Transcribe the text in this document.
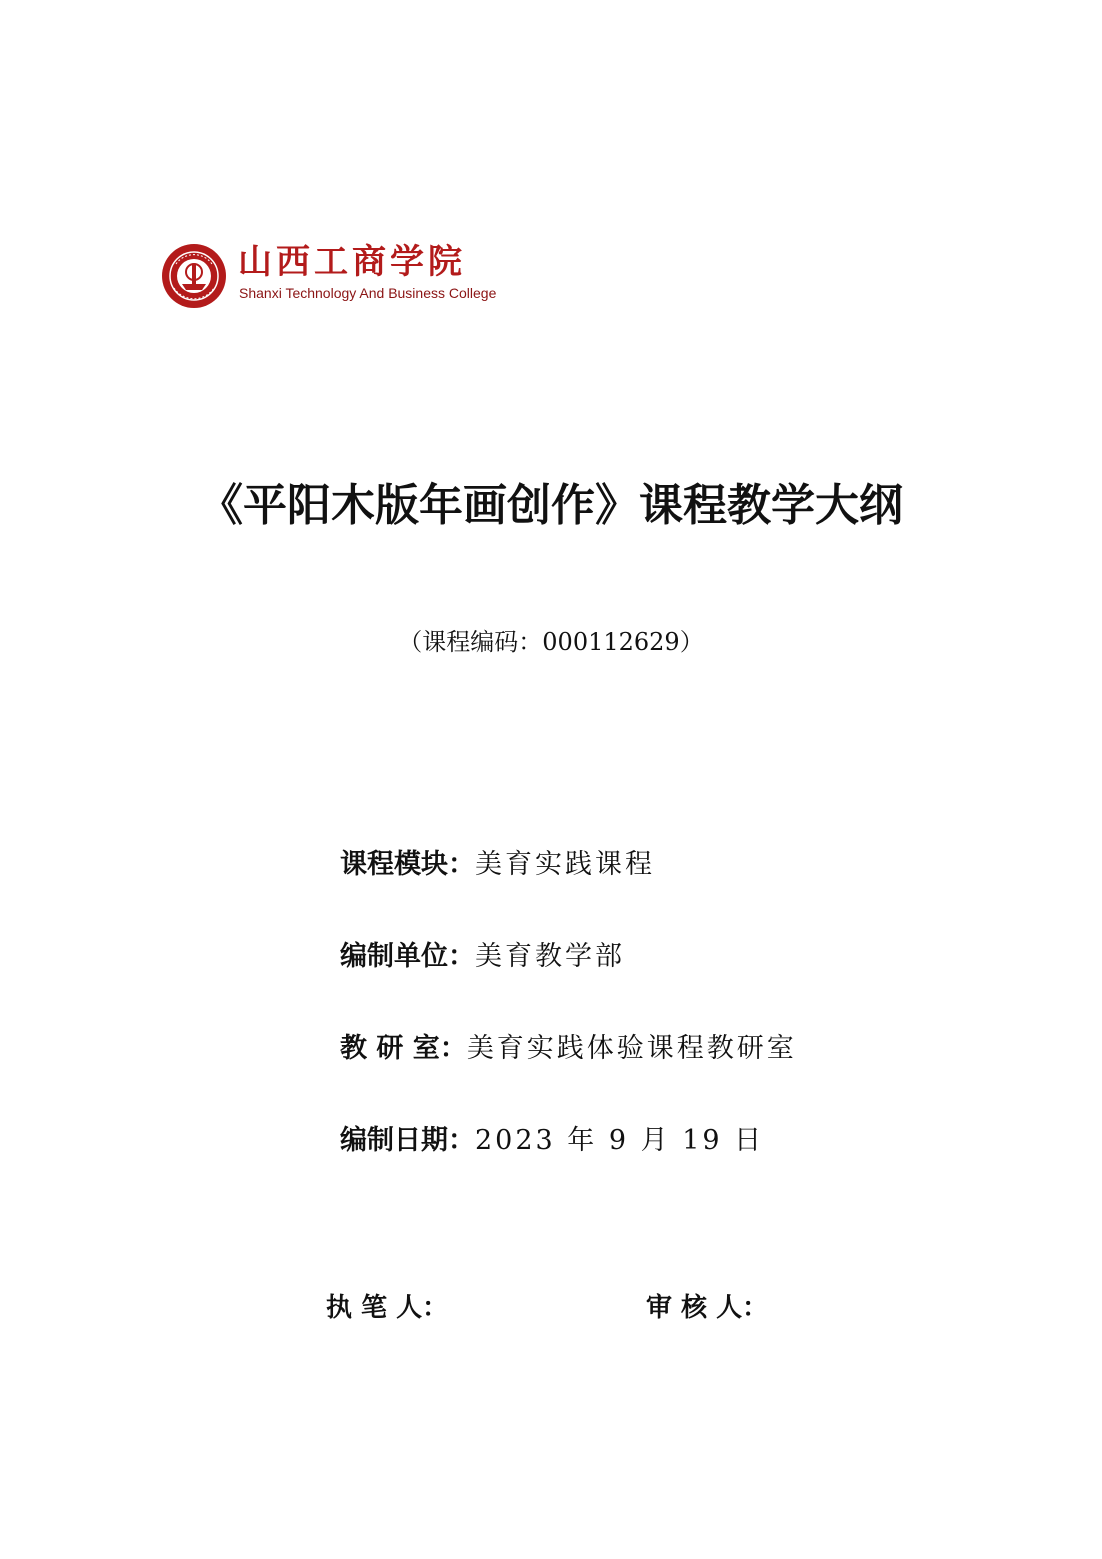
山西工商学院
Shanxi Technology And Business College
《平阳木版年画创作》课程教学大纲
（课程编码：000112629）
课程模块：美育实践课程
编制单位：美育教学部
教 研 室：美育实践体验课程教研室
编制日期：2023 年 9 月 19 日
执 笔 人：	审 核 人：
